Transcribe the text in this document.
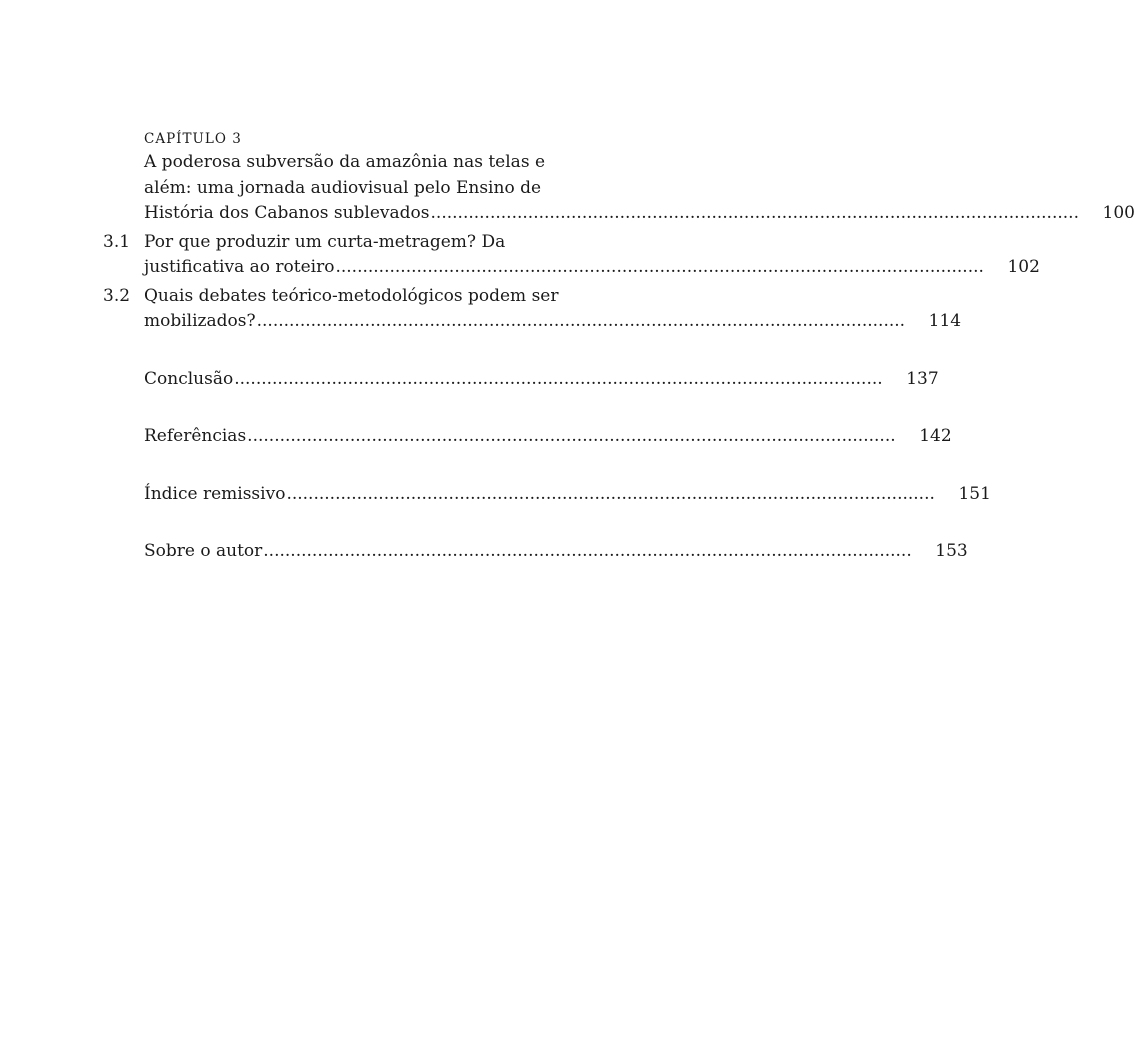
CAPÍTULO 3
A poderosa subversão da amazônia nas telas e
além: uma jornada audiovisual pelo Ensino de
História dos Cabanos sublevados .....	100
3.1 Por que produzir um curta-metragem? Da
justificativa ao roteiro .....	102
3.2 Quais debates teórico-metodológicos podem ser
mobilizados? .....	114
Conclusão .....	137
Referências .....	142
Índice remissivo .....	151
Sobre o autor .....	153
